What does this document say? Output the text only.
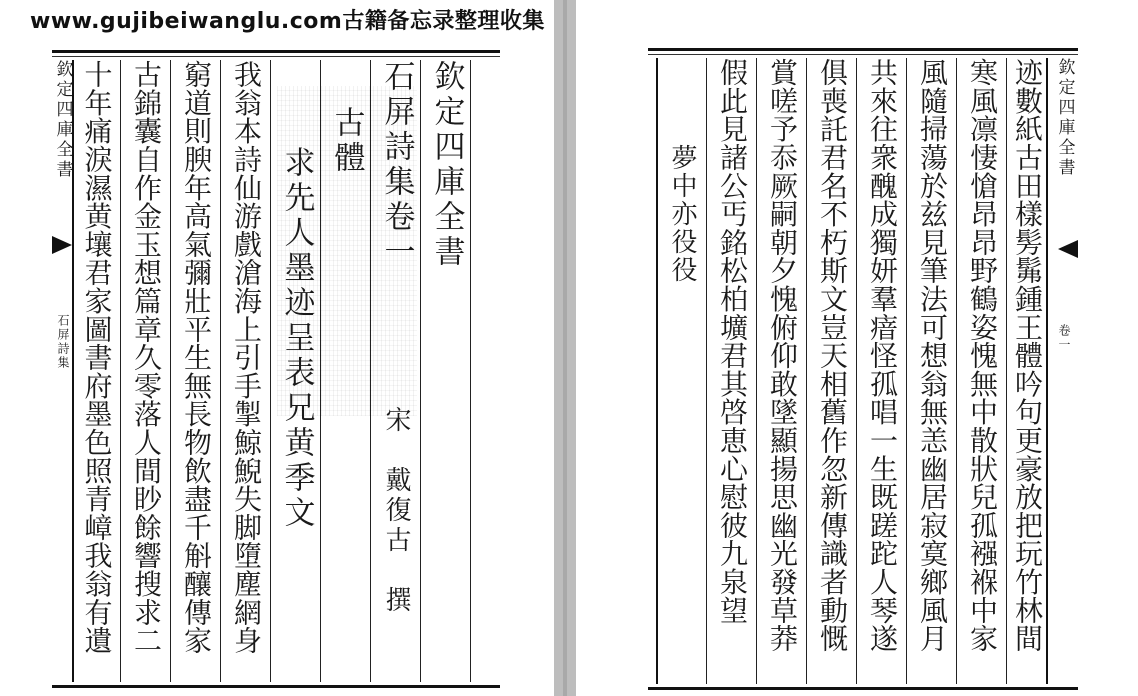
www.gujibeiwanglu.com古籍备忘录整理收集
欽定四庫全書
石屏詩集
欽定四庫全書
石屏詩集卷一
宋　戴復古　撰
古體
求先人墨迹呈表兄黄季文
我翁本詩仙游戲滄海上引手掣鯨鯢失脚墮塵網身
窮道則腴年高氣彌壯平生無長物飲盡千斛釀傳家
古錦囊自作金玉想篇章久零落人間眇餘響搜求二
十年痛淚濕黄壤君家圖書府墨色照青嶂我翁有遺	欽定四庫全書
卷一
迹數紙古田樣髣髴鍾王體吟句更豪放把玩竹林間
寒風凛悽愴昂昂野鶴姿愧無中散狀兒孤襁褓中家
風隨掃蕩於兹見筆法可想翁無恙幽居寂寞鄉風月
共來往衆醜成獨妍羣瘖怪孤唱一生既蹉跎人琴遂
俱喪託君名不朽斯文豈天相舊作忽新傳識者動慨
賞嗟予忝厥嗣朝夕愧俯仰敢墜顯揚思幽光發草莽
假此見諸公丐銘松柏壙君其啓恵心慰彼九泉望
夢中亦役役
